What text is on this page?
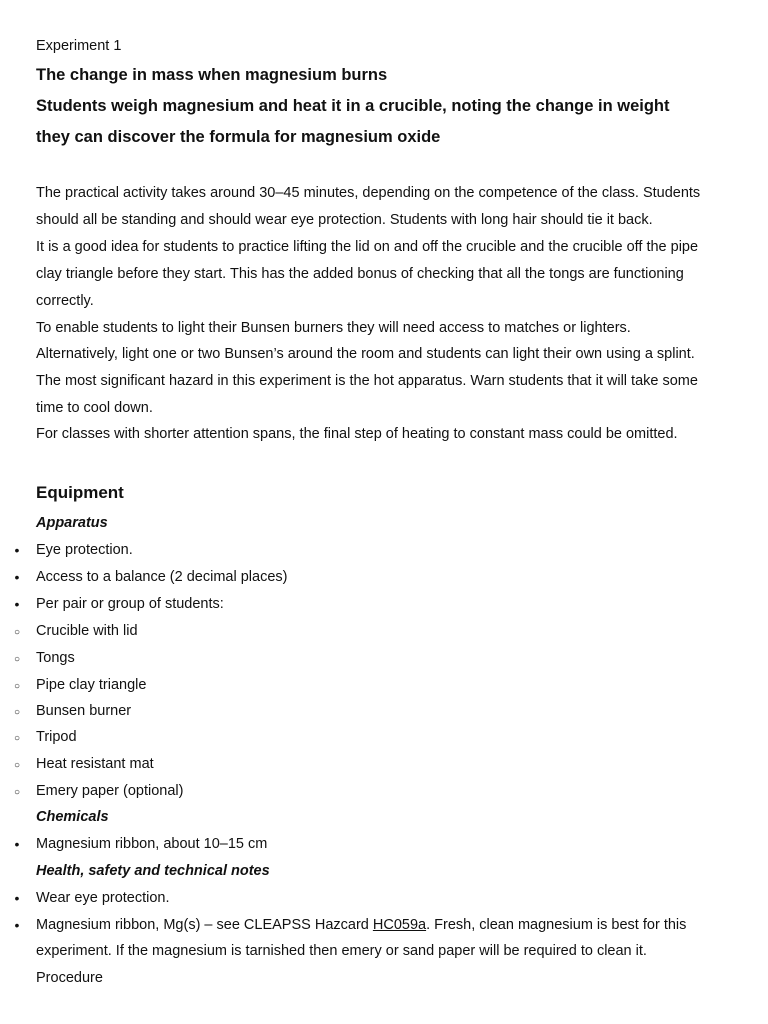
Experiment 1
The change in mass when magnesium burns
Students weigh magnesium and heat it in a crucible, noting the change in weight
they can discover the formula for magnesium oxide
The practical activity takes around 30–45 minutes, depending on the competence of the class. Students
should all be standing and should wear eye protection. Students with long hair should tie it back.
It is a good idea for students to practice lifting the lid on and off the crucible and the crucible off the pipe
clay triangle before they start. This has the added bonus of checking that all the tongs are functioning
correctly.
To enable students to light their Bunsen burners they will need access to matches or lighters.
Alternatively, light one or two Bunsen’s around the room and students can light their own using a splint.
The most significant hazard in this experiment is the hot apparatus. Warn students that it will take some
time to cool down.
For classes with shorter attention spans, the final step of heating to constant mass could be omitted.
Equipment
Apparatus
•
Eye protection.
•
Access to a balance (2 decimal places)
•
Per pair or group of students:
○
Crucible with lid
○
Tongs
○
Pipe clay triangle
○
Bunsen burner
○
Tripod
○
Heat resistant mat
○
Emery paper (optional)
Chemicals
•
Magnesium ribbon, about 10–15 cm
Health, safety and technical notes
•
Wear eye protection.
•
Magnesium ribbon, Mg(s) – see CLEAPSS Hazcard HC059a. Fresh, clean magnesium is best for this
experiment. If the magnesium is tarnished then emery or sand paper will be required to clean it.
Procedure
